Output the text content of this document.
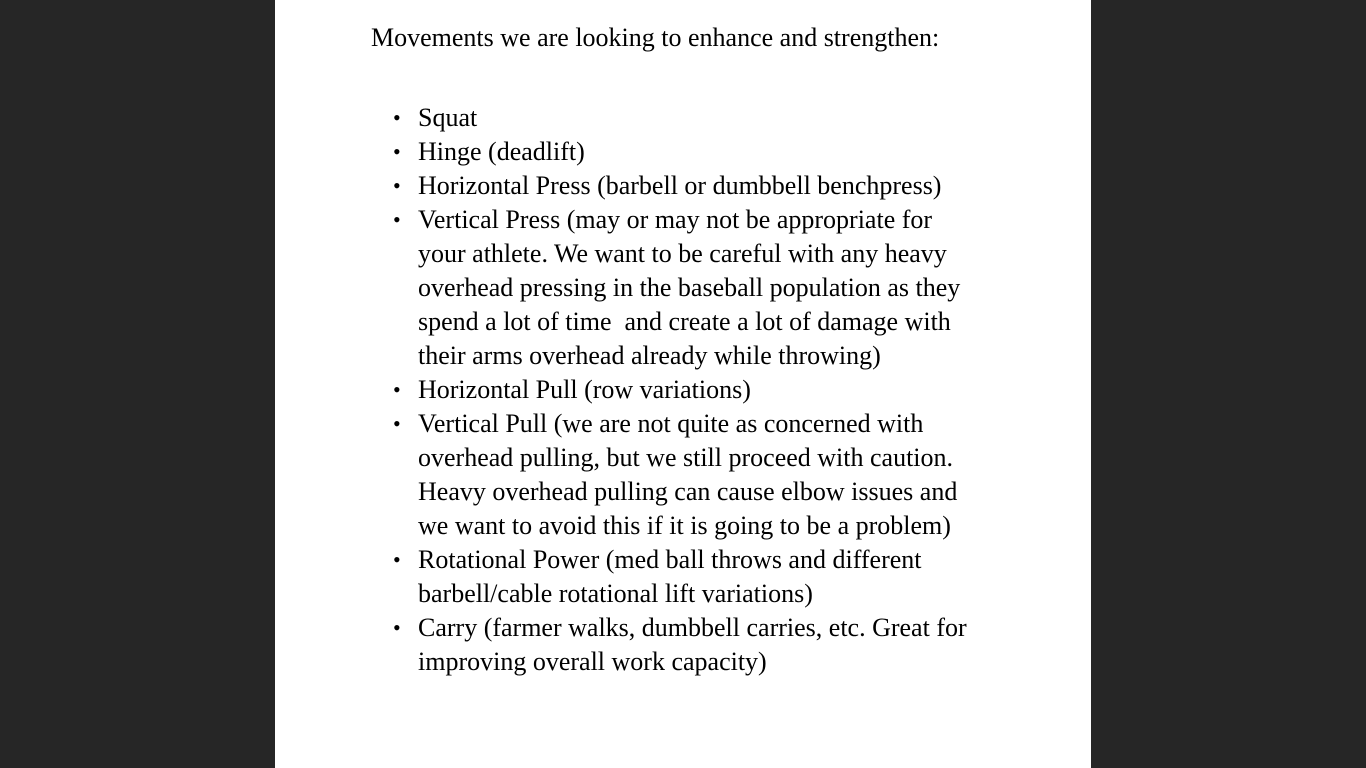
Movements we are looking to enhance and strengthen:

• Squat
• Hinge (deadlift)
• Horizontal Press (barbell or dumbbell benchpress)
• Vertical Press (may or may not be appropriate for
your athlete. We want to be careful with any heavy
overhead pressing in the baseball population as they
spend a lot of time  and create a lot of damage with
their arms overhead already while throwing)
• Horizontal Pull (row variations)
• Vertical Pull (we are not quite as concerned with
overhead pulling, but we still proceed with caution.
Heavy overhead pulling can cause elbow issues and
we want to avoid this if it is going to be a problem)
• Rotational Power (med ball throws and different
barbell/cable rotational lift variations)
• Carry (farmer walks, dumbbell carries, etc. Great for
improving overall work capacity)
